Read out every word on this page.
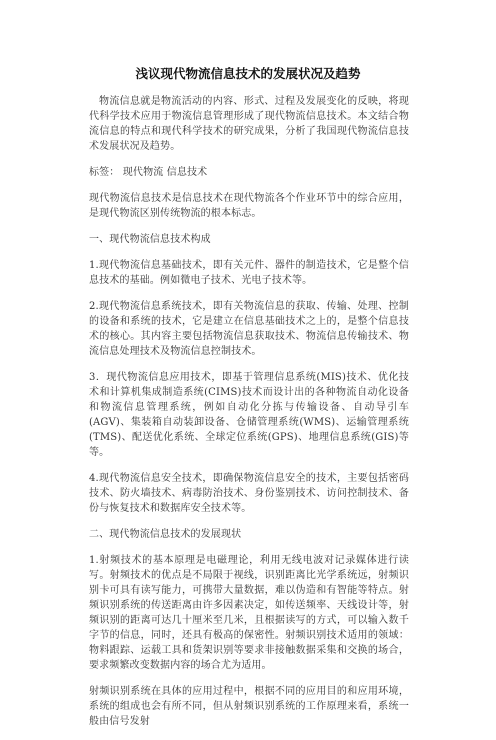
浅议现代物流信息技术的发展状况及趋势

物流信息就是物流活动的内容、形式、过程及发展变化的反映，将现代科学技术应用于物流信息管理形成了现代物流信息技术。本文结合物流信息的特点和现代科学技术的研究成果，分析了我国现代物流信息技术发展状况及趋势。

标签： 现代物流 信息技术

现代物流信息技术是信息技术在现代物流各个作业环节中的综合应用，是现代物流区别传统物流的根本标志。

一、现代物流信息技术构成

1.现代物流信息基础技术，即有关元件、器件的制造技术，它是整个信息技术的基础。例如微电子技术、光电子技术等。

2.现代物流信息系统技术，即有关物流信息的获取、传输、处理、控制的设备和系统的技术，它是建立在信息基础技术之上的，是整个信息技术的核心。其内容主要包括物流信息获取技术、物流信息传输技术、物流信息处理技术及物流信息控制技术。

3．现代物流信息应用技术，即基于管理信息系统(MIS)技术、优化技术和计算机集成制造系统(CIMS)技术而设计出的各种物流自动化设备和物流信息管理系统，例如自动化分拣与传输设备、自动导引车(AGV)、集装箱自动装卸设备、仓储管理系统(WMS)、运输管理系统(TMS)、配送优化系统、全球定位系统(GPS)、地理信息系统(GIS)等等。

4.现代物流信息安全技术，即确保物流信息安全的技术，主要包括密码技术、防火墙技术、病毒防治技术、身份鉴别技术、访问控制技术、备份与恢复技术和数据库安全技术等。

二、现代物流信息技术的发展现状

1.射频技术的基本原理是电磁理论，利用无线电波对记录媒体进行读写。射频技术的优点是不局限于视线，识别距离比光学系统远，射频识别卡可具有读写能力，可携带大量数据，难以伪造和有智能等特点。射频识别系统的传送距离由许多因素决定，如传送频率、天线设计等，射频识别的距离可达几十厘米至几米，且根据读写的方式，可以输入数千字节的信息，同时，还具有极高的保密性。射频识别技术适用的领域：物料跟踪、运载工具和货架识别等要求非接触数据采集和交换的场合，要求频繁改变数据内容的场合尤为适用。

射频识别系统在具体的应用过程中，根据不同的应用目的和应用环境，系统的组成也会有所不同，但从射频识别系统的工作原理来看，系统一般由信号发射
